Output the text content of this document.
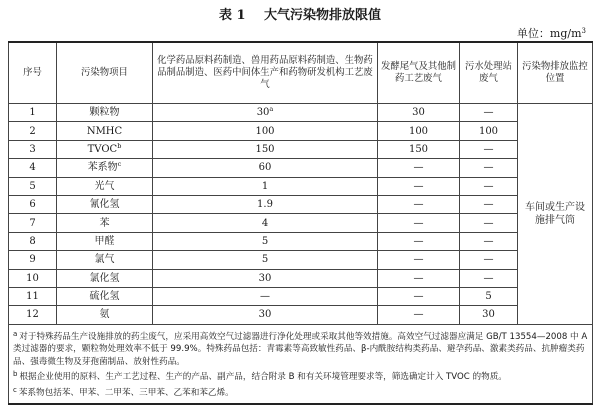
表 1 大气污染物排放限值
单位：$mg/m^3$
序号	污染物项目	化学药品原料药制造、兽用药品原料药制造、生物药品制品制造、医药中间体生产和药物研发机构工艺废气	发酵尾气及其他制药工艺废气	污水处理站废气	污染物排放监控位置
1	颗粒物	30$^a$	30	—	车间或生产设施排气筒
2	NMHC	100	100	100	
3	TVOC$^b$	150	150	—	
4	苯系物$^c$	60	—	—	
5	光气	1	—	—	
6	氰化氢	1.9	—	—	
7	苯	4	—	—	
8	甲醛	5	—	—	
9	氯气	5	—	—	
10	氯化氢	30	—	—	
11	硫化氢	—	—	5	
12	氨	30	—	30	

$^a$ 对于特殊药品生产设施排放的药尘废气，应采用高效空气过滤器进行净化处理或采取其他等效措施。高效空气过滤器应满足 GB/T 13554—2008 中 A 类过滤器的要求，颗粒物处理效率不低于 99.9%。特殊药品包括：青霉素等高致敏性药品、β-内酰胺结构类药品、避孕药品、激素类药品、抗肿瘤类药品、强毒微生物及芽孢菌制品、放射性药品。

$^b$ 根据企业使用的原料、生产工艺过程、生产的产品、副产品，结合附录 B 和有关环境管理要求等，筛选确定计入 TVOC 的物质。

$^c$ 苯系物包括苯、甲苯、二甲苯、三甲苯、乙苯和苯乙烯。					
